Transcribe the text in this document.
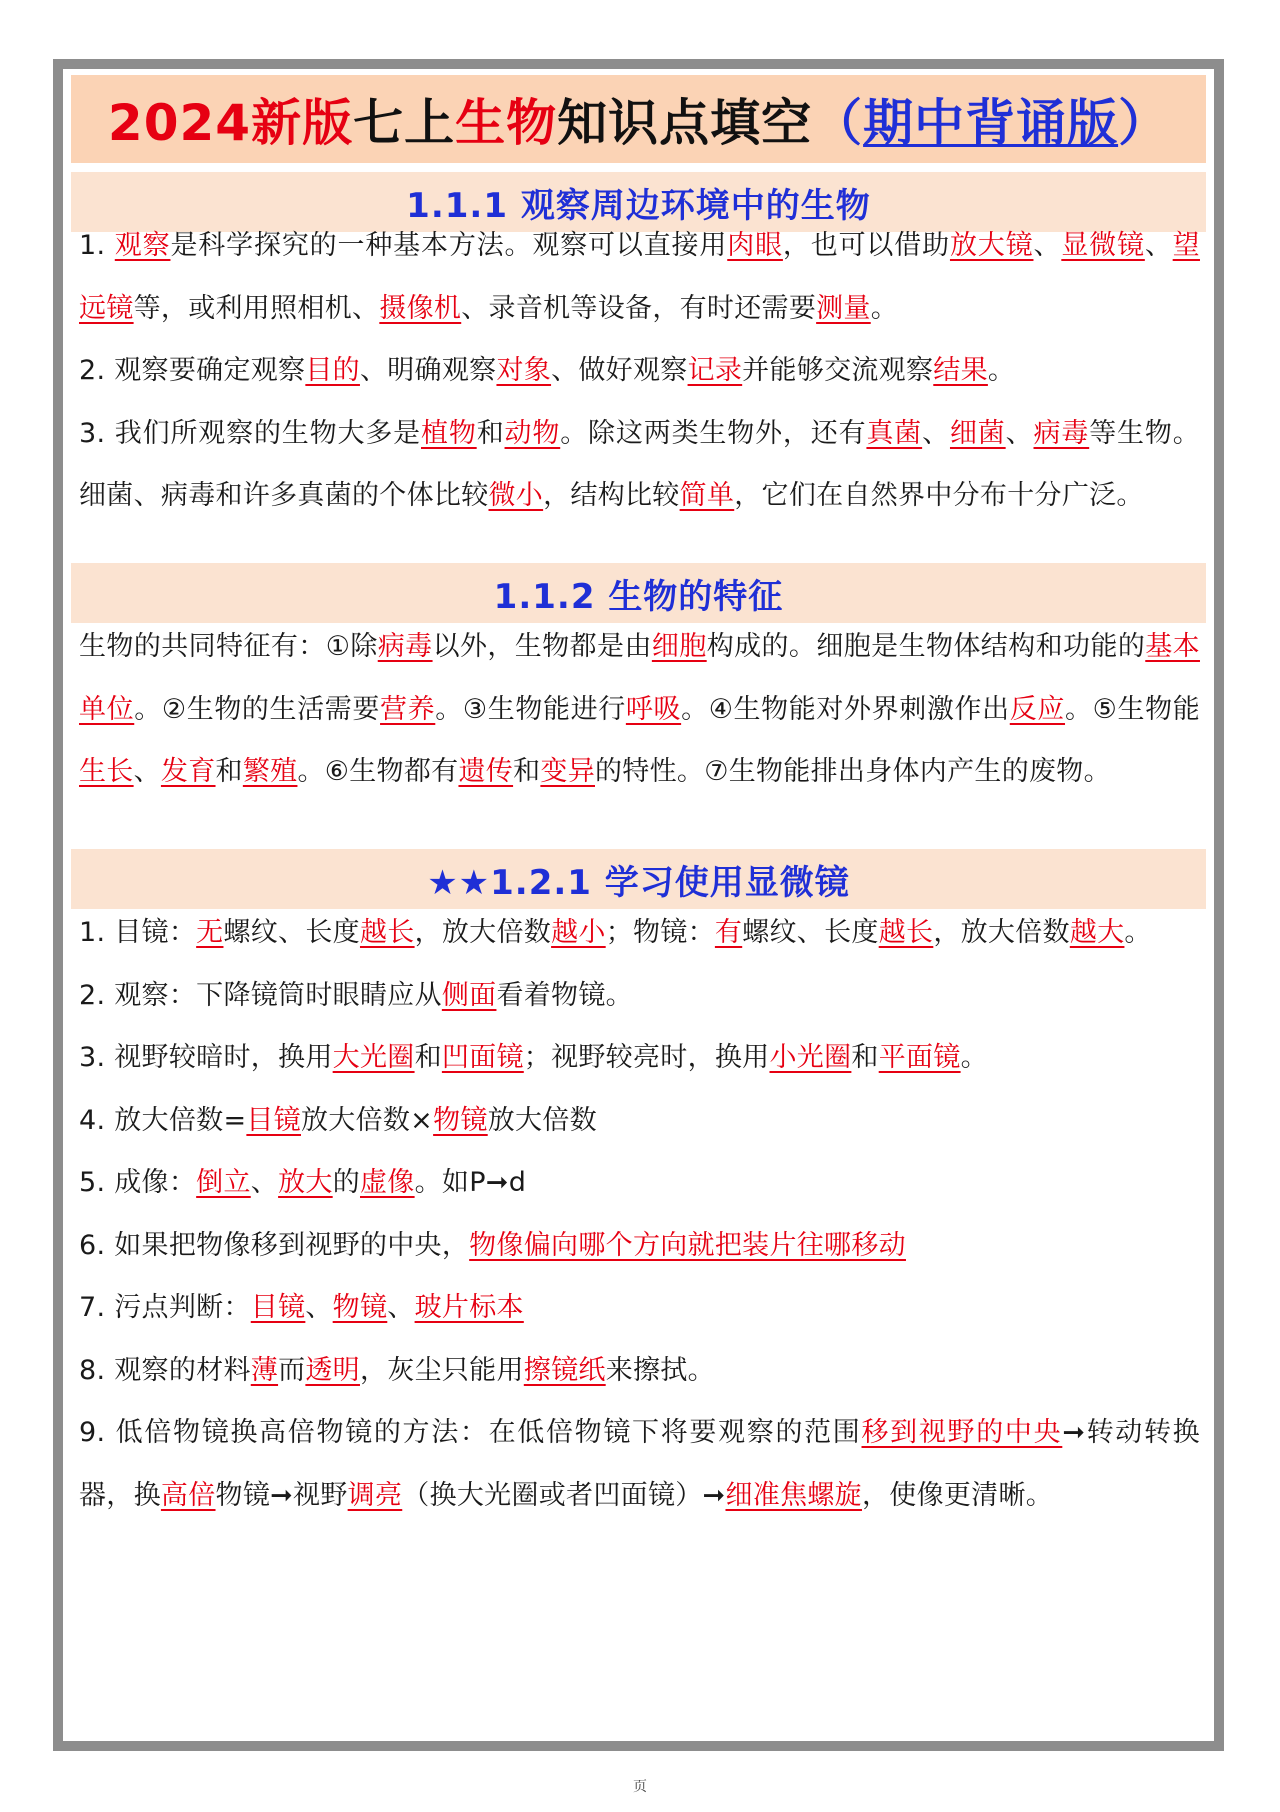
2024新版 七上 生物 知识点填空 （ 期中背诵版 ）
1.1.1 观察周边环境中的生物
1. 观察是科学探究的一种基本方法。观察可以直接用肉眼，也可以借助放大镜、显微镜、望远镜等，或利用照相机、摄像机、录音机等设备，有时还需要测量。
2. 观察要确定观察目的、明确观察对象、做好观察记录并能够交流观察结果。
3. 我们所观察的生物大多是植物和动物。除这两类生物外，还有真菌、细菌、病毒等生物。细菌、病毒和许多真菌的个体比较微小，结构比较简单，它们在自然界中分布十分广泛。
1.1.2 生物的特征
生物的共同特征有：①除病毒以外，生物都是由细胞构成的。细胞是生物体结构和功能的基本单位。②生物的生活需要营养。③生物能进行呼吸。④生物能对外界刺激作出反应。⑤生物能生长、发育和繁殖。⑥生物都有遗传和变异的特性。⑦生物能排出身体内产生的废物。
★★1.2.1 学习使用显微镜
1. 目镜：无螺纹、长度越长，放大倍数越小；物镜：有螺纹、长度越长，放大倍数越大。
2. 观察：下降镜筒时眼睛应从侧面看着物镜。
3. 视野较暗时，换用大光圈和凹面镜；视野较亮时，换用小光圈和平面镜。
4. 放大倍数=目镜放大倍数×物镜放大倍数
5. 成像：倒立、放大的虚像。如P➞d
6. 如果把物像移到视野的中央，物像偏向哪个方向就把装片往哪移动
7. 污点判断：目镜、物镜、玻片标本
8. 观察的材料薄而透明，灰尘只能用擦镜纸来擦拭。
9. 低倍物镜换高倍物镜的方法：在低倍物镜下将要观察的范围移到视野的中央➞转动转换器，换高倍物镜➞视野调亮（换大光圈或者凹面镜）➞细准焦螺旋，使像更清晰。
页
